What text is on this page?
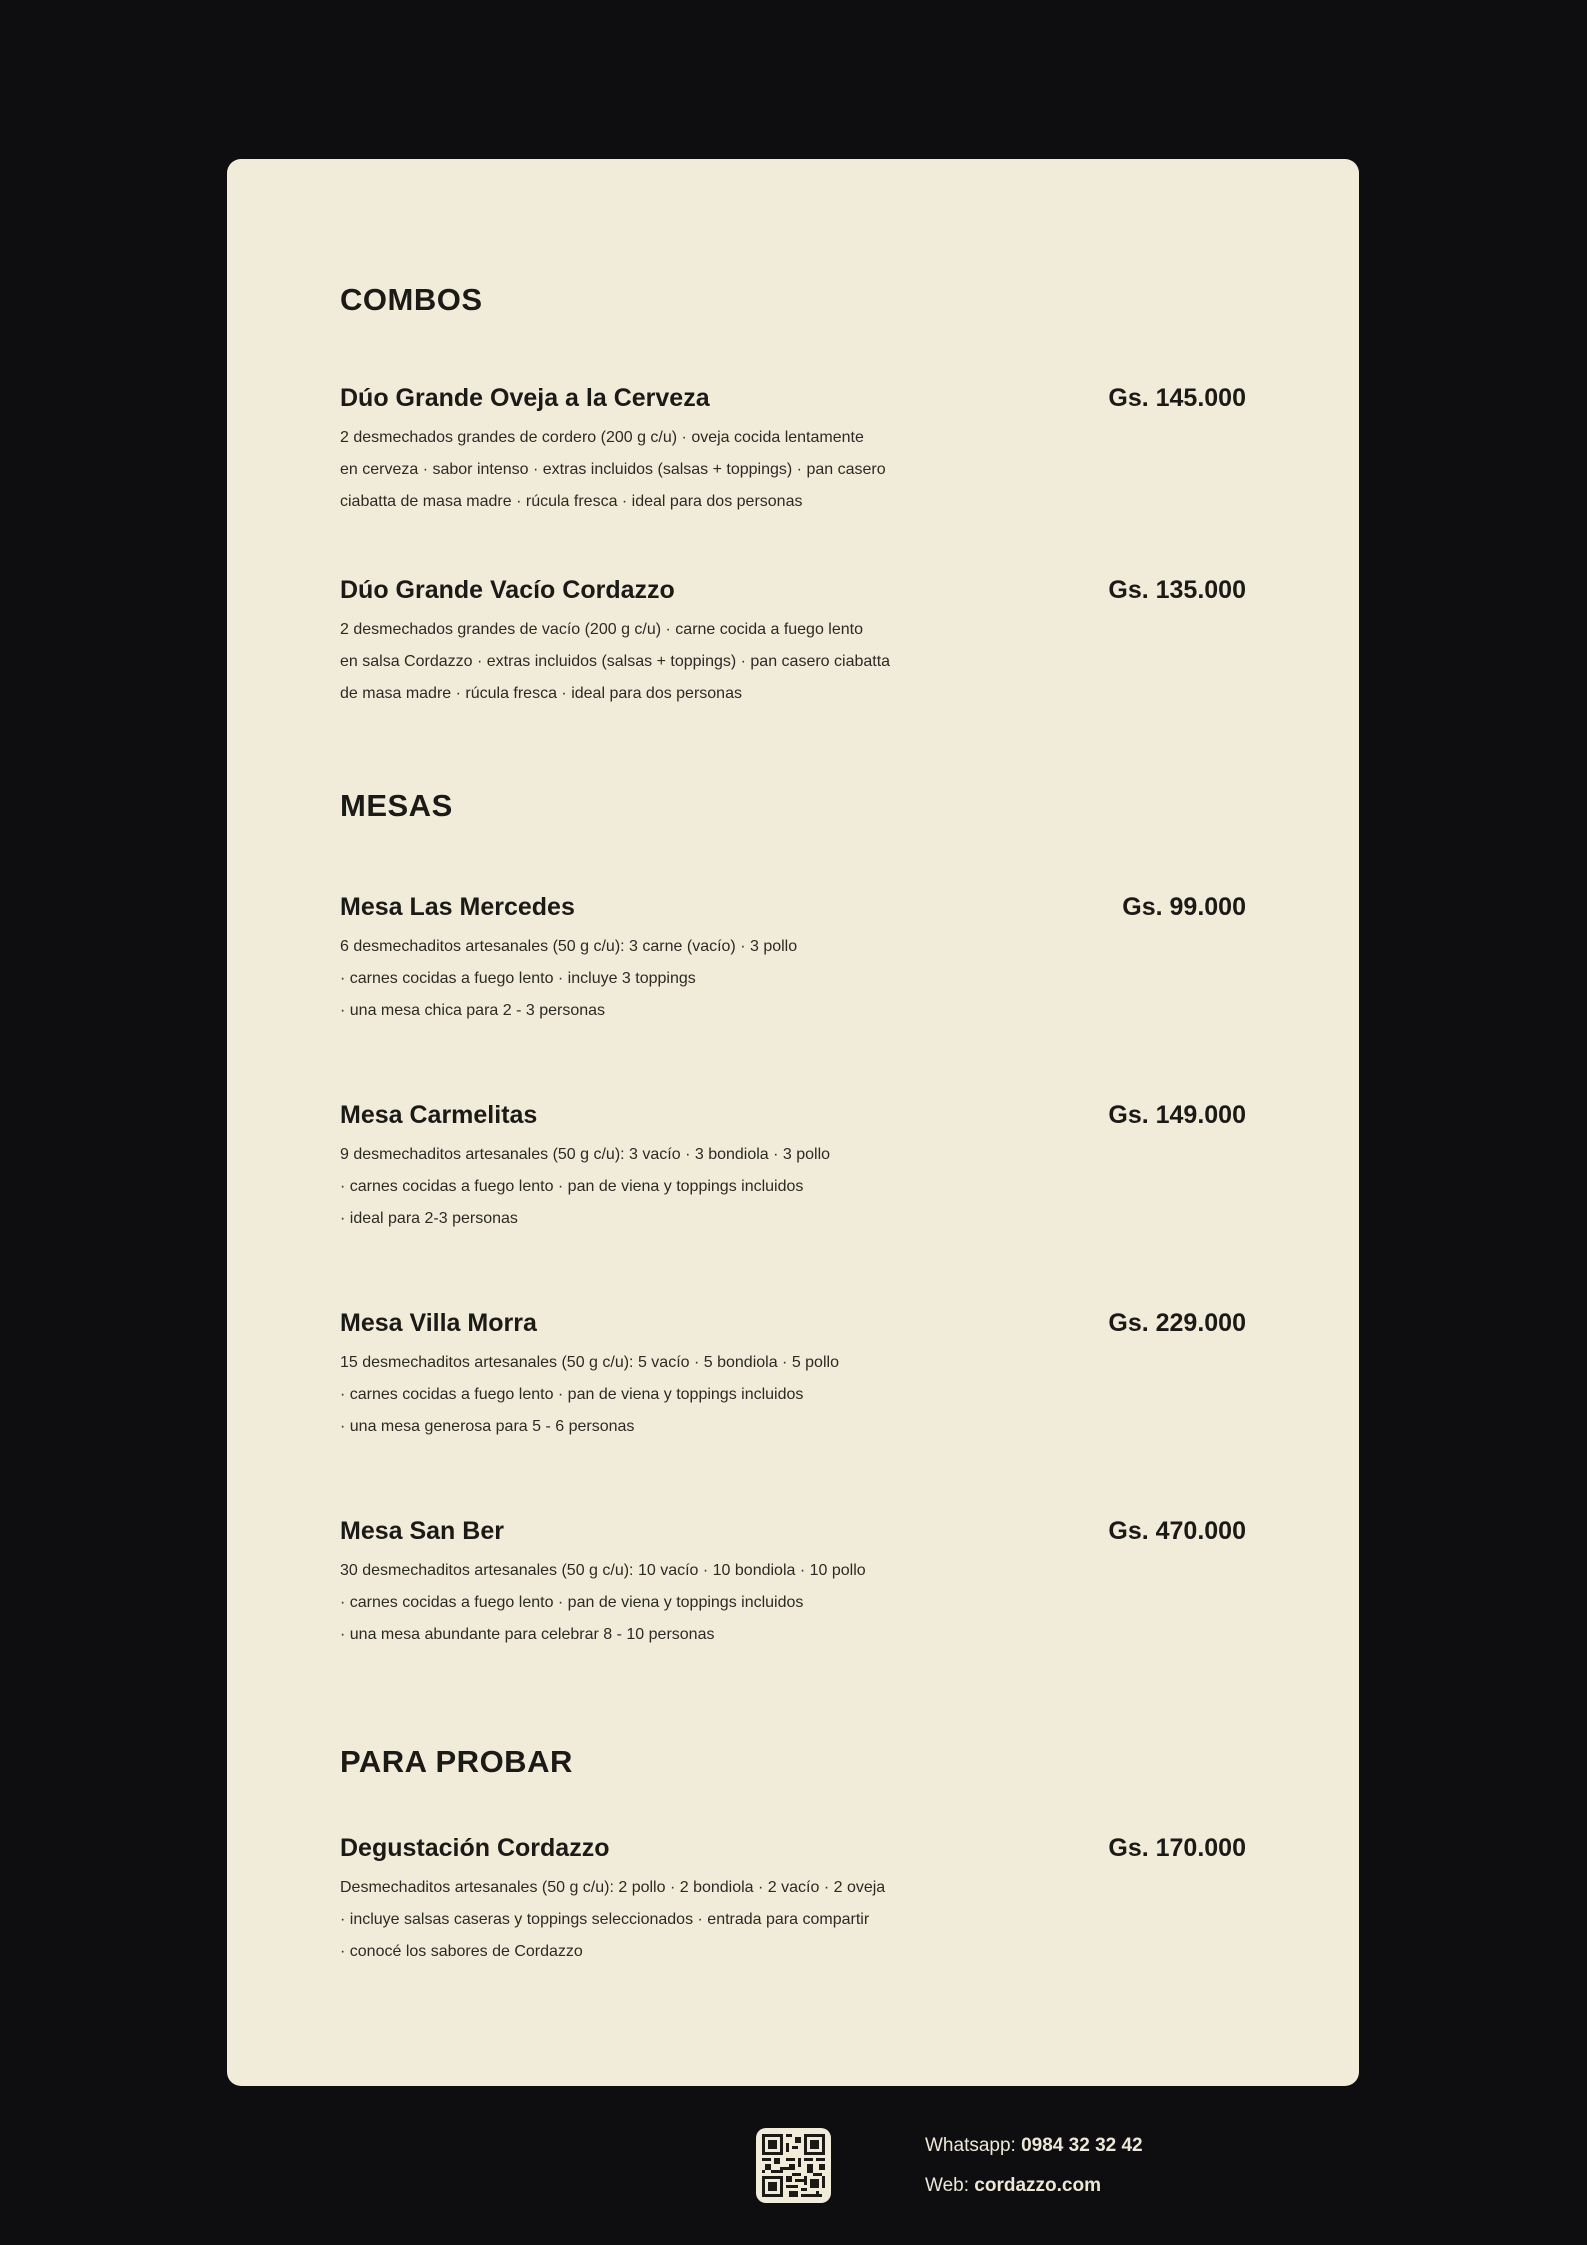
COMBOS
Dúo Grande Oveja a la Cerveza	Gs. 145.000
2 desmechados grandes de cordero (200 g c/u) · oveja cocida lentamente
en cerveza · sabor intenso · extras incluidos (salsas + toppings) · pan casero
ciabatta de masa madre · rúcula fresca · ideal para dos personas
Dúo Grande Vacío Cordazzo	Gs. 135.000
2 desmechados grandes de vacío (200 g c/u) · carne cocida a fuego lento
en salsa Cordazzo · extras incluidos (salsas + toppings) · pan casero ciabatta
de masa madre · rúcula fresca · ideal para dos personas
MESAS
Mesa Las Mercedes	Gs. 99.000
6 desmechaditos artesanales (50 g c/u): 3 carne (vacío) · 3 pollo
· carnes cocidas a fuego lento · incluye 3 toppings
· una mesa chica para 2 - 3 personas
Mesa Carmelitas	Gs. 149.000
9 desmechaditos artesanales (50 g c/u): 3 vacío · 3 bondiola · 3 pollo
· carnes cocidas a fuego lento · pan de viena y toppings incluidos
· ideal para 2-3 personas
Mesa Villa Morra	Gs. 229.000
15 desmechaditos artesanales (50 g c/u): 5 vacío · 5 bondiola · 5 pollo
· carnes cocidas a fuego lento · pan de viena y toppings incluidos
· una mesa generosa para 5 - 6 personas
Mesa San Ber	Gs. 470.000
30 desmechaditos artesanales (50 g c/u): 10 vacío · 10 bondiola · 10 pollo
· carnes cocidas a fuego lento · pan de viena y toppings incluidos
· una mesa abundante para celebrar 8 - 10 personas
PARA PROBAR
Degustación Cordazzo	Gs. 170.000
Desmechaditos artesanales (50 g c/u): 2 pollo · 2 bondiola · 2 vacío · 2 oveja
· incluye salsas caseras y toppings seleccionados · entrada para compartir
· conocé los sabores de Cordazzo
Whatsapp: 0984 32 32 42
Web: cordazzo.com
